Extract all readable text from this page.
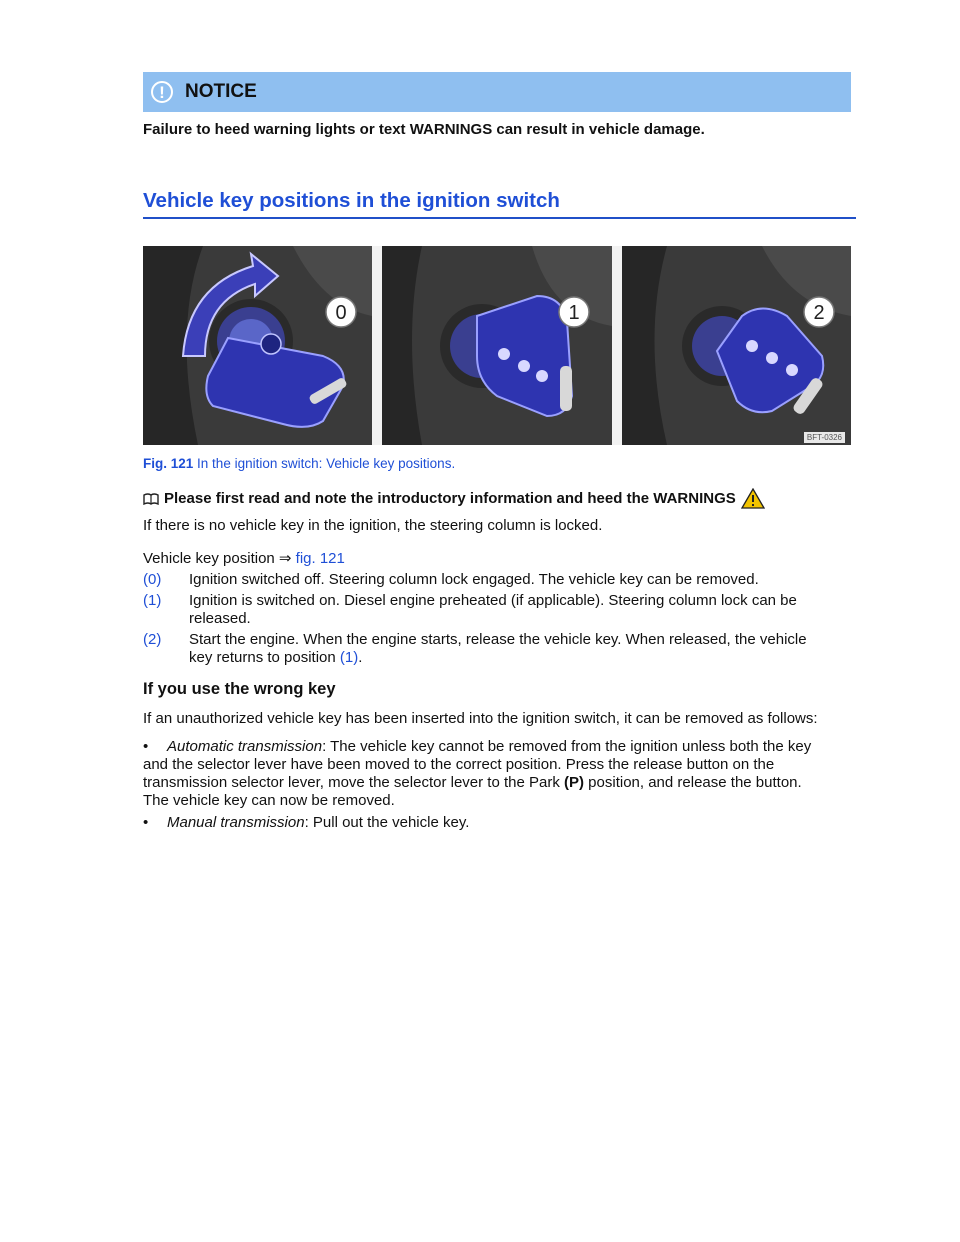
!	NOTICE
Failure to heed warning lights or text WARNINGS can result in vehicle damage.
Vehicle key positions in the ignition switch
0	1	2
BFT-0326
Fig. 121 In the ignition switch: Vehicle key positions.
Please first read and note the introductory information and heed the WARNINGS
If there is no vehicle key in the ignition, the steering column is locked.
Vehicle key position ⇒ fig. 121
(0) Ignition switched off. Steering column lock engaged. The vehicle key can be removed.
(1) Ignition is switched on. Diesel engine preheated (if applicable). Steering column lock can be
released.
(2) Start the engine. When the engine starts, release the vehicle key. When released, the vehicle
key returns to position (1).
If you use the wrong key
If an unauthorized vehicle key has been inserted into the ignition switch, it can be removed as follows:
• Automatic transmission: The vehicle key cannot be removed from the ignition unless both the key
and the selector lever have been moved to the correct position. Press the release button on the
transmission selector lever, move the selector lever to the Park (P) position, and release the button.
The vehicle key can now be removed.
• Manual transmission: Pull out the vehicle key.
